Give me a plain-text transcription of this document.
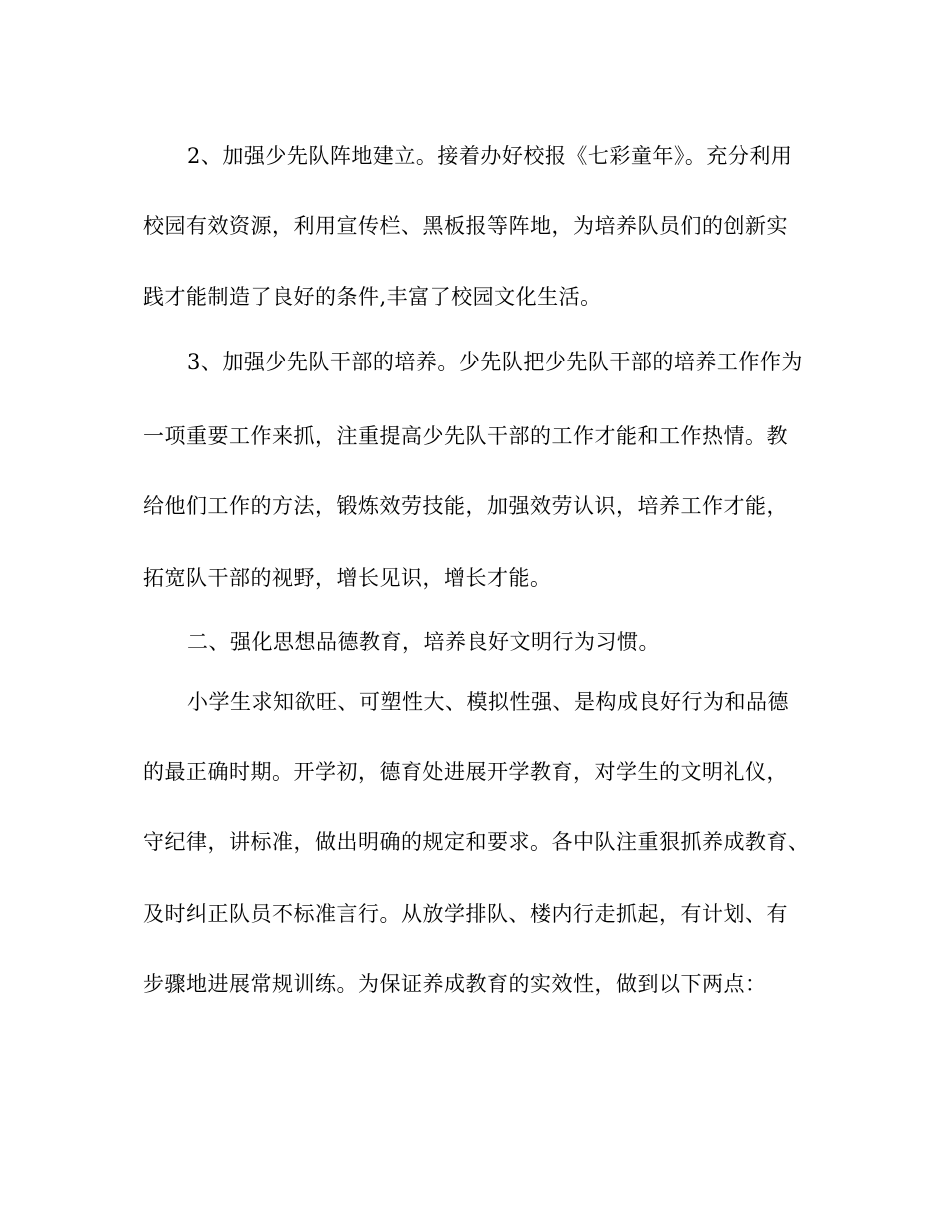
2、加强少先队阵地建立。接着办好校报《七彩童年》。充分利用
校园有效资源，利用宣传栏、黑板报等阵地，为培养队员们的创新实
践才能制造了良好的条件,丰富了校园文化生活。
3、加强少先队干部的培养。少先队把少先队干部的培养工作作为
一项重要工作来抓，注重提高少先队干部的工作才能和工作热情。教
给他们工作的方法，锻炼效劳技能，加强效劳认识，培养工作才能，
拓宽队干部的视野，增长见识，增长才能。
二、强化思想品德教育，培养良好文明行为习惯。
小学生求知欲旺、可塑性大、模拟性强、是构成良好行为和品德
的最正确时期。开学初，德育处进展开学教育，对学生的文明礼仪，
守纪律，讲标准，做出明确的规定和要求。各中队注重狠抓养成教育、
及时纠正队员不标准言行。从放学排队、楼内行走抓起，有计划、有
步骤地进展常规训练。为保证养成教育的实效性，做到以下两点：
